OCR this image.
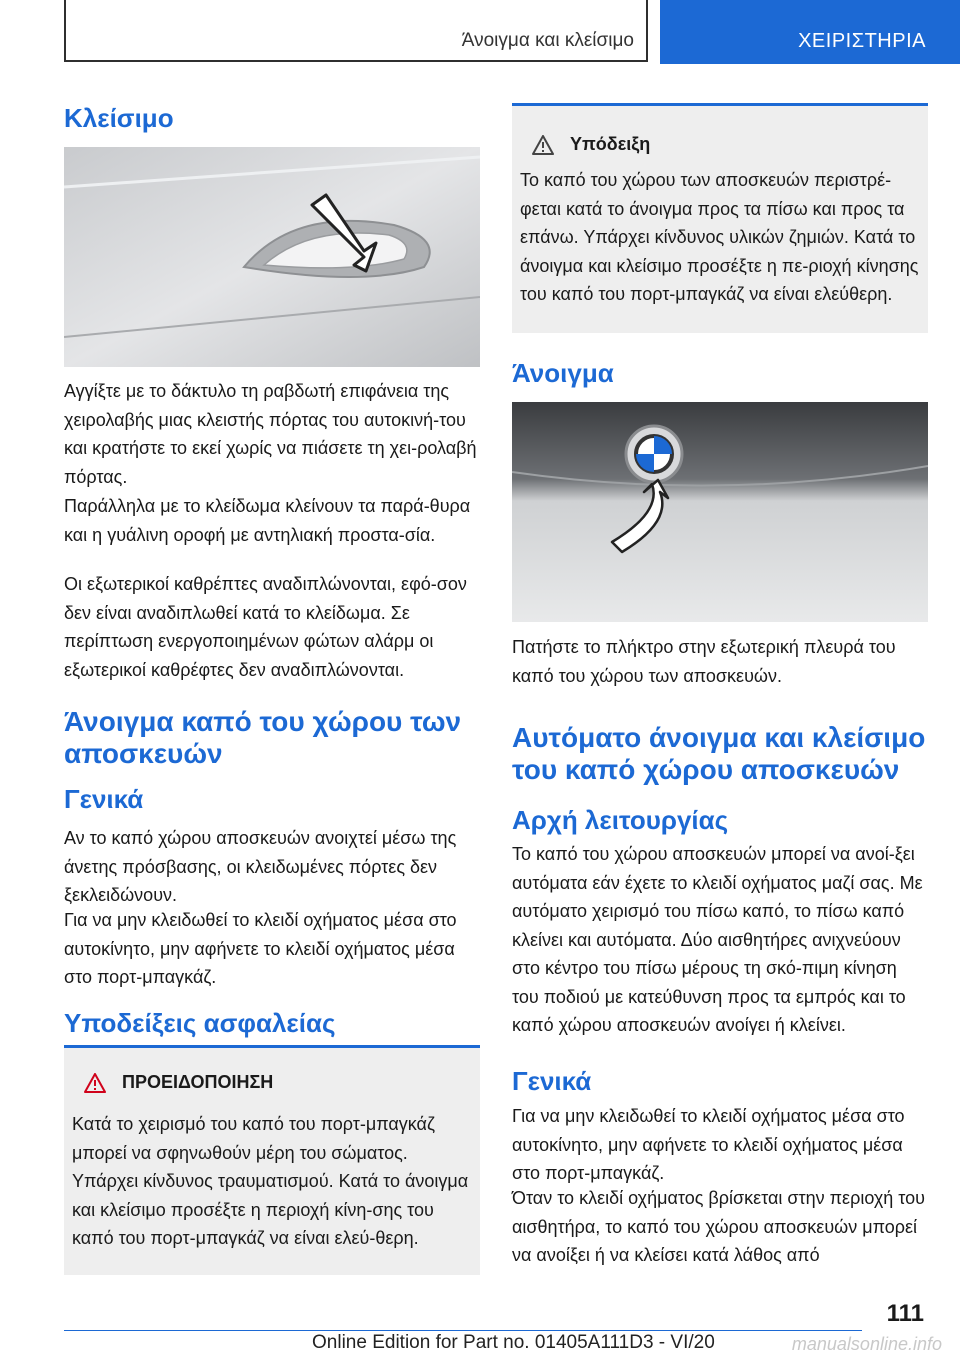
Άνοιγμα και κλείσιμο	ΧΕΙΡΙΣΤΗΡΙΑ
Κλείσιμο

Αγγίξτε με το δάκτυλο τη ραβδωτή επιφάνεια της χειρολαβής μιας κλειστής πόρτας του αυτοκινή-του και κρατήστε το εκεί χωρίς να πιάσετε τη χει-ρολαβή πόρτας.

Παράλληλα με το κλείδωμα κλείνουν τα παρά-θυρα και η γυάλινη οροφή με αντηλιακή προστα-σία.

Οι εξωτερικοί καθρέπτες αναδιπλώνονται, εφό-σον δεν είναι αναδιπλωθεί κατά το κλείδωμα. Σε περίπτωση ενεργοποιημένων φώτων αλάρμ οι εξωτερικοί καθρέφτες δεν αναδιπλώνονται.

Άνοιγμα καπό του χώρου των αποσκευών
Γενικά

Αν το καπό χώρου αποσκευών ανοιχτεί μέσω της άνετης πρόσβασης, οι κλειδωμένες πόρτες δεν ξεκλειδώνουν.

Για να μην κλειδωθεί το κλειδί οχήματος μέσα στο αυτοκίνητο, μην αφήνετε το κλειδί οχήματος μέσα στο πορτ-μπαγκάζ.

Υποδείξεις ασφαλείας
ΠΡΟΕΙΔΟΠΟΙΗΣΗ
Κατά το χειρισμό του καπό του πορτ-μπαγκάζ μπορεί να σφηνωθούν μέρη του σώματος. Υπάρχει κίνδυνος τραυματισμού. Κατά το άνοιγμα και κλείσιμο προσέξτε η περιοχή κίνη-σης του καπό του πορτ-μπαγκάζ να είναι ελεύ-θερη.
Υπόδειξη
Το καπό του χώρου των αποσκευών περιστρέ-φεται κατά το άνοιγμα προς τα πίσω και προς τα επάνω. Υπάρχει κίνδυνος υλικών ζημιών. Κατά το άνοιγμα και κλείσιμο προσέξτε η πε-ριοχή κίνησης του καπό του πορτ-μπαγκάζ να είναι ελεύθερη.
Άνοιγμα

Πατήστε το πλήκτρο στην εξωτερική πλευρά του καπό του χώρου των αποσκευών.

Αυτόματο άνοιγμα και κλείσιμο του καπό χώρου αποσκευών
Αρχή λειτουργίας

Το καπό του χώρου αποσκευών μπορεί να ανοί-ξει αυτόματα εάν έχετε το κλειδί οχήματος μαζί σας. Με αυτόματο χειρισμό του πίσω καπό, το πίσω καπό κλείνει και αυτόματα. Δύο αισθητήρες ανιχνεύουν στο κέντρο του πίσω μέρους τη σκό-πιμη κίνηση του ποδιού με κατεύθυνση προς τα εμπρός και το καπό χώρου αποσκευών ανοίγει ή κλείνει.

Γενικά

Για να μην κλειδωθεί το κλειδί οχήματος μέσα στο αυτοκίνητο, μην αφήνετε το κλειδί οχήματος μέσα στο πορτ-μπαγκάζ.

Όταν το κλειδί οχήματος βρίσκεται στην περιοχή του αισθητήρα, το καπό του χώρου αποσκευών μπορεί να ανοίξει ή να κλείσει κατά λάθος από

111
Online Edition for Part no. 01405A111D3 - VI/20	manualsonline.info
